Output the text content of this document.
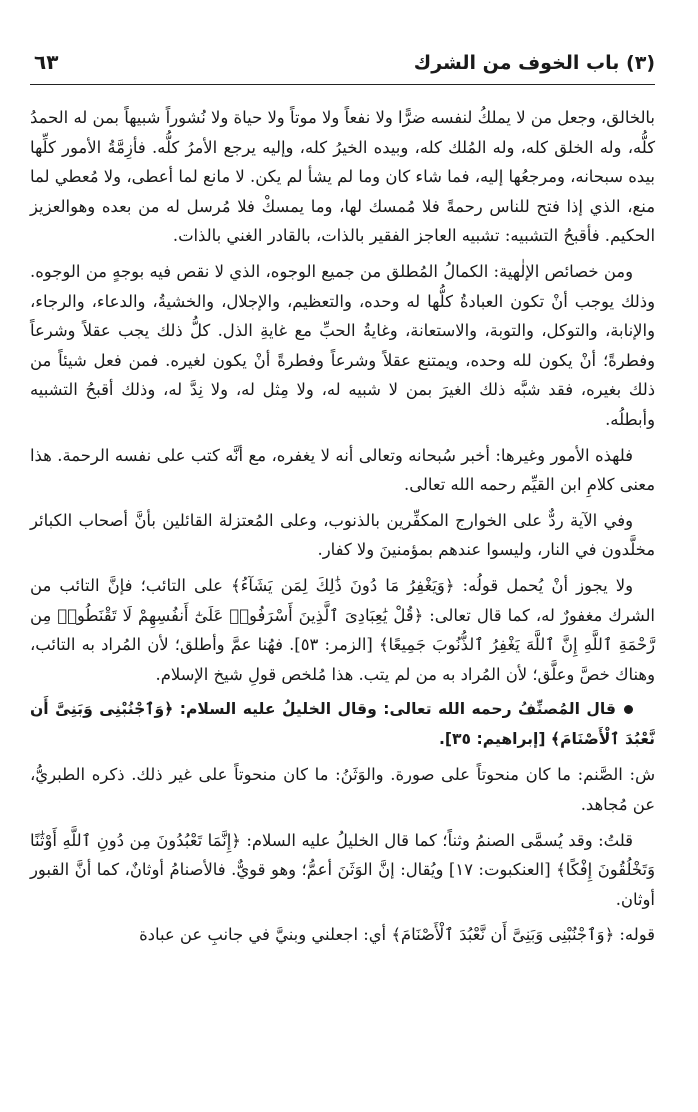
(٣) باب الخوف من الشرك
٦٣

بالخالق، وجعل من لا يملكُ لنفسه ضرًّا ولا نفعاً ولا موتاً ولا حياة ولا نُشوراً شبيهاً بمن له الحمدُ كلُّه، وله الخلق كله، وله المُلك كله، وبيده الخيرُ كله، وإليه يرجع الأمرُ كلُّه. فأزِمَّةُ الأمور كلِّها بيده سبحانه، ومرجعُها إليه، فما شاء كان وما لم يشأ لم يكن. لا مانع لما أعطى، ولا مُعطي لما منع، الذي إذا فتح للناس رحمةً فلا مُمسك لها، وما يمسكْ فلا مُرسل له من بعده وهوالعزيز الحكيم. فأقبحُ التشبيه: تشبيه العاجز الفقير بالذات، بالقادر الغني بالذات.

ومن خصائص الإلٰهية: الكمالُ المُطلق من جميع الوجوه، الذي لا نقص فيه بوجهٍ من الوجوه. وذلك يوجب أنْ تكون العبادةُ كلُّها له وحده، والتعظيم، والإجلال، والخشيةُ، والدعاء، والرجاء، والإنابة، والتوكل، والتوبة، والاستعانة، وغايةُ الحبِّ مع غايةِ الذل. كلُّ ذلك يجب عقلاً وشرعاً وفطرةً؛ أنْ يكون لله وحده، ويمتنع عقلاً وشرعاً وفطرةً أنْ يكون لغيره. فمن فعل شيئاً من ذلك بغيره، فقد شبَّه ذلك الغيرَ بمن لا شبيه له، ولا مِثل له، ولا نِدَّ له، وذلك أقبحُ التشبيه وأبطلُه.

فلهذه الأمور وغيرها: أخبر سُبحانه وتعالى أنه لا يغفره، مع أنَّه كتب على نفسه الرحمة. هذا معنى كلامِ ابن القيِّم رحمه الله تعالى.

وفي الآية ردٌّ على الخوارج المكفِّرين بالذنوب، وعلى المُعتزلة القائلين بأنَّ أصحاب الكبائر مخلَّدون في النار، وليسوا عندهم بمؤمنينَ ولا كفار.

ولا يجوز أنْ يُحمل قولُه: ﴿وَيَغْفِرُ مَا دُونَ ذَٰلِكَ لِمَن يَشَآءُ﴾ على التائب؛ فإنَّ التائب من الشرك مغفورٌ له، كما قال تعالى: ﴿قُلْ يَٰعِبَادِىَ ٱلَّذِينَ أَسْرَفُوا۟ عَلَىٰٓ أَنفُسِهِمْ لَا تَقْنَطُوا۟ مِن رَّحْمَةِ ٱللَّهِ إِنَّ ٱللَّهَ يَغْفِرُ ٱلذُّنُوبَ جَمِيعًا﴾ [الزمر: ٥٣]. فهُنا عمَّ وأطلق؛ لأن المُراد به التائب، وهناك خصَّ وعلَّق؛ لأن المُراد به من لم يتب. هذا مُلخص قولِ شيخ الإسلام.

قال المُصنِّفُ رحمه الله تعالى: وقال الخليلُ عليه السلام: ﴿وَٱجْنُبْنِى وَبَنِىَّ أَن نَّعْبُدَ ٱلْأَصْنَامَ﴾ [إبراهيم: ٣٥].

ش: الصَّنم: ما كان منحوتاً على صورة. والوَثَنُ: ما كان منحوتاً على غير ذلك. ذكره الطبريُّ، عن مُجاهد.

قلتُ: وقد يُسمَّى الصنمُ وثناً؛ كما قال الخليلُ عليه السلام: ﴿إِنَّمَا تَعْبُدُونَ مِن دُونِ ٱللَّهِ أَوْثَٰنًا وَتَخْلُقُونَ إِفْكًا﴾ [العنكبوت: ١٧] ويُقال: إنَّ الوَثَنَ أعمُّ؛ وهو قويٌّ. فالأصنامُ أوثانٌ، كما أنَّ القبور أوثان.

قوله: ﴿وَٱجْنُبْنِى وَبَنِىَّ أَن نَّعْبُدَ ٱلْأَصْنَامَ﴾ أي: اجعلني وبنيَّ في جانبِ عن عبادة
